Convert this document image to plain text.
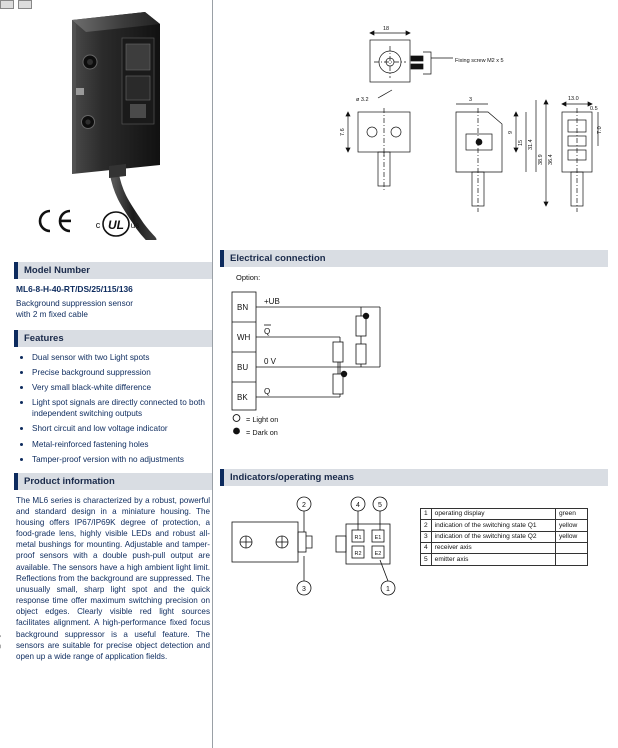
UL
c	us
Model Number
ML6-8-H-40-RT/DS/25/115/136
Background suppression sensor
with 2 m fixed cable
Features
Dual sensor with two Light spots
Precise background suppression
Very small black-white difference
Light spot signals are directly connected to both independent switching outputs
Short circuit and low voltage indicator
Metal-reinforced fastening holes
Tamper-proof version with no adjustments
Product information
The ML6 series is characterized by a robust, powerful and standard design in a miniature housing. The housing offers IP67/IP69K degree of protection, a food-grade lens, highly visible LEDs and robust all-metal bushings for mounting. Adjustable and tamper-proof sensors with a double push-pull output are available. The sensors have a high ambient light limit. Reflections from the background are suppressed. The unusually small, sharp light spot and the quick response time offer maximum switching precision on object edges. Clearly visible red light sources facilitates alignment. A high-performance fixed focus background suppressor is a useful feature. The sensors are suitable for precise object detection and open up a wide range of application fields.
18
ø 3.2
Fixing screw M2 x 5
3
9
15 31.4
38.9 36.4
7.6
13.0
0.5
7.0
Electrical connection
Option:
BN
WH
BU
BK
+UB
Q
0 V
Q
= Light on
= Dark on
Indicators/operating means
2
3
4	5
1
R1
R2
E1
E2
1	operating display	green
2	indication of the switching state Q1	yellow
3	indication of the switching state Q2	yellow
4	receiver axis	
5	emitter axis	
